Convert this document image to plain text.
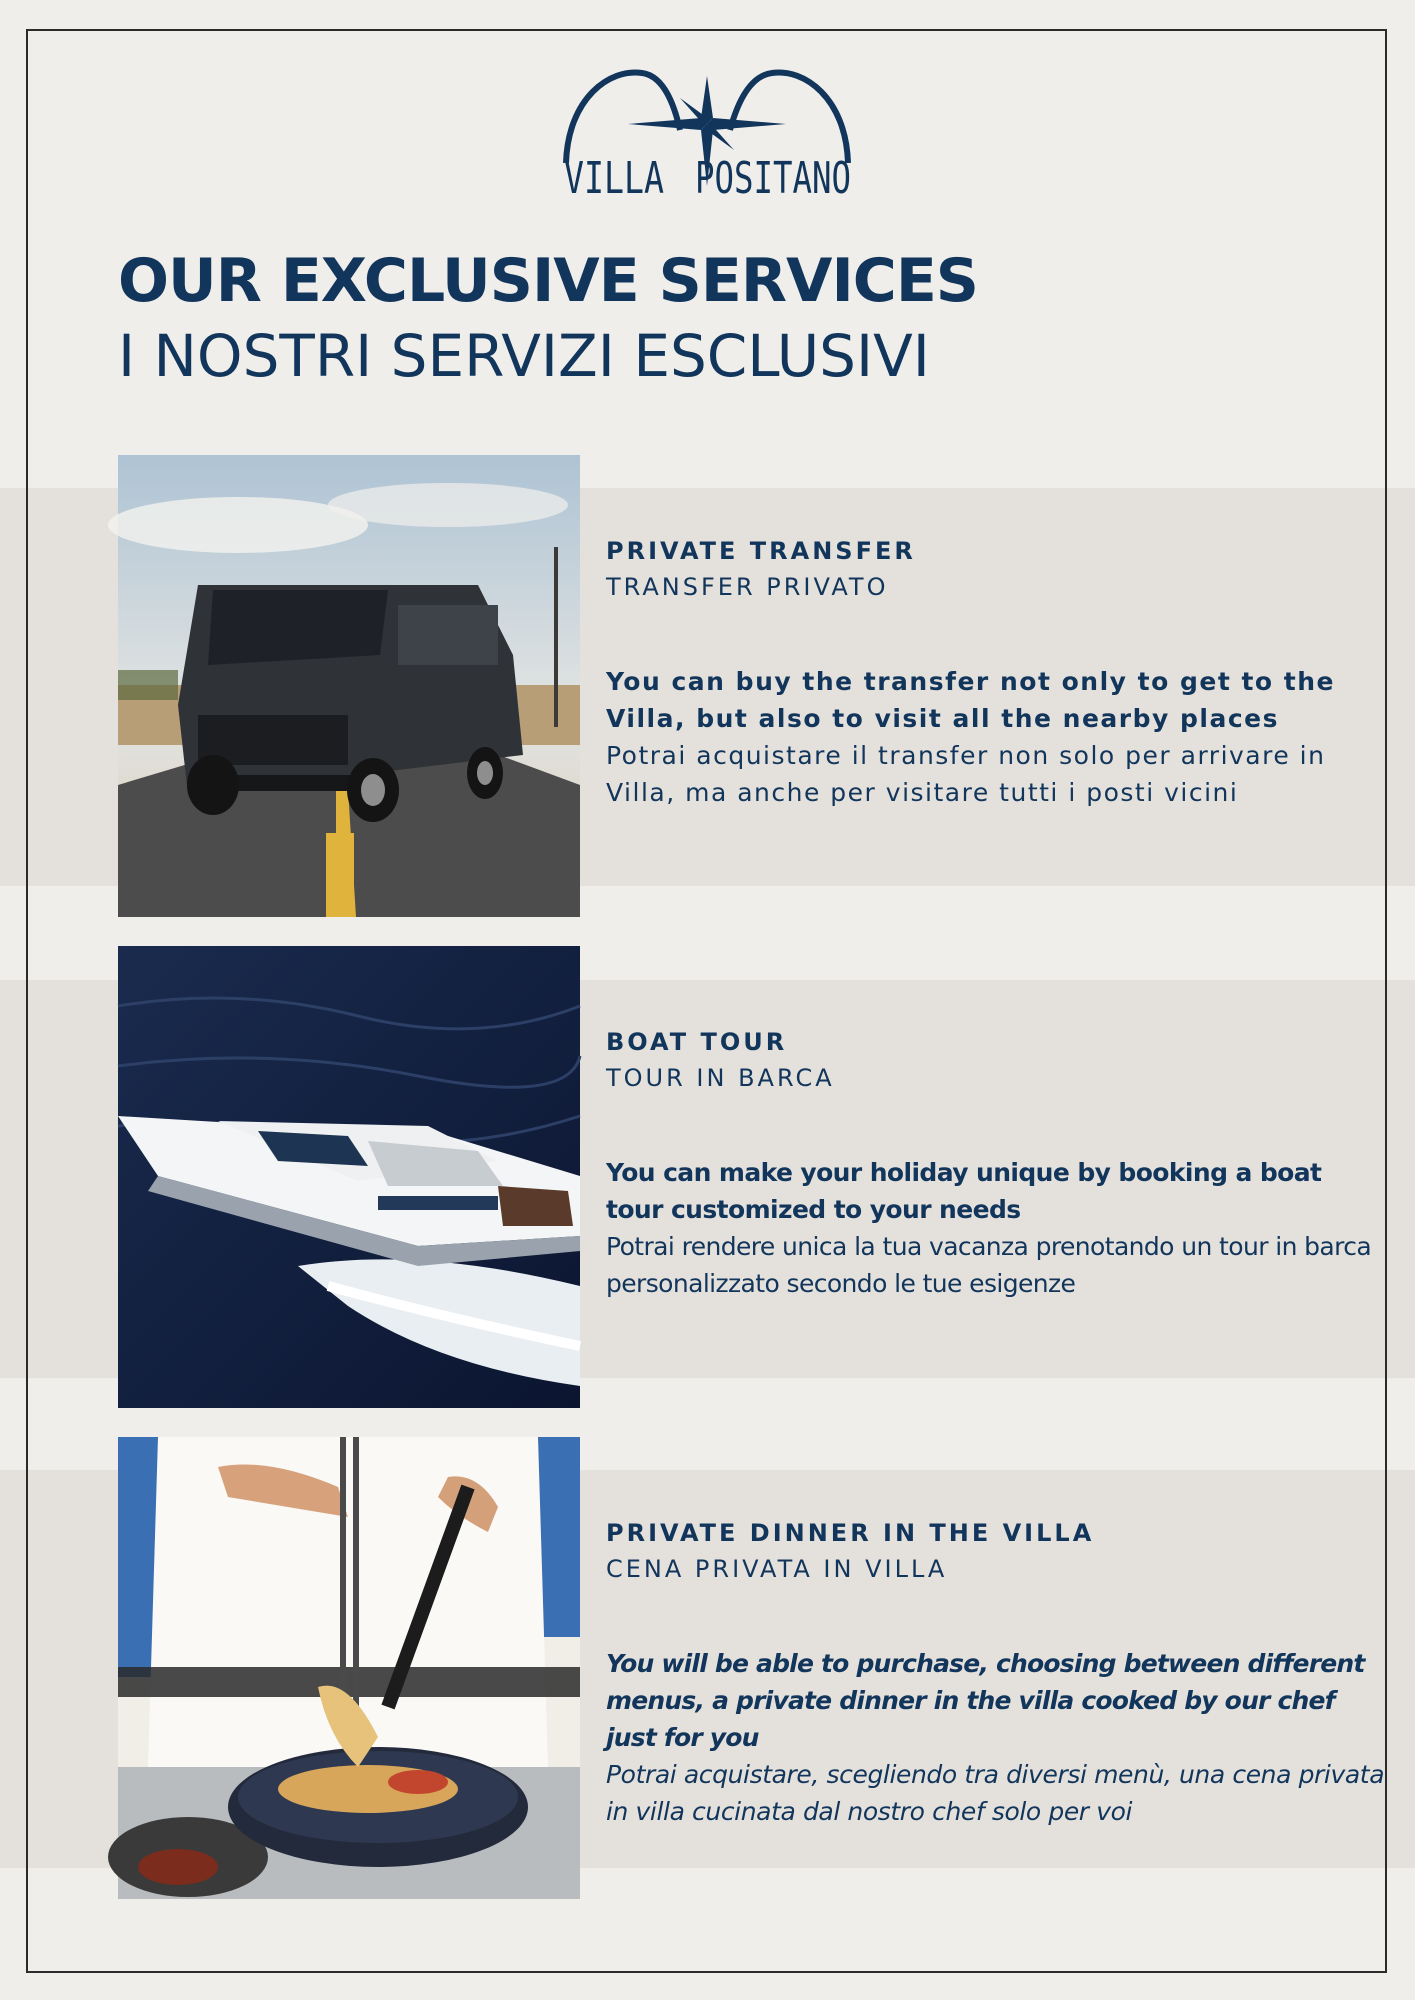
VILLA POSITANO
OUR EXCLUSIVE SERVICES
I NOSTRI SERVIZI ESCLUSIVI
PRIVATE TRANSFER
TRANSFER PRIVATO
You can buy the transfer not only to get to the Villa, but also to visit all the nearby places
Potrai acquistare il transfer non solo per arrivare in Villa, ma anche per visitare tutti i posti vicini
BOAT TOUR
TOUR IN BARCA
You can make your holiday unique by booking a boat tour customized to your needs
Potrai rendere unica la tua vacanza prenotando un tour in barca personalizzato secondo le tue esigenze
PRIVATE DINNER IN THE VILLA
CENA PRIVATA IN VILLA
You will be able to purchase, choosing between different menus, a private dinner in the villa cooked by our chef just for you
Potrai acquistare, scegliendo tra diversi menù, una cena privata in villa cucinata dal nostro chef solo per voi
